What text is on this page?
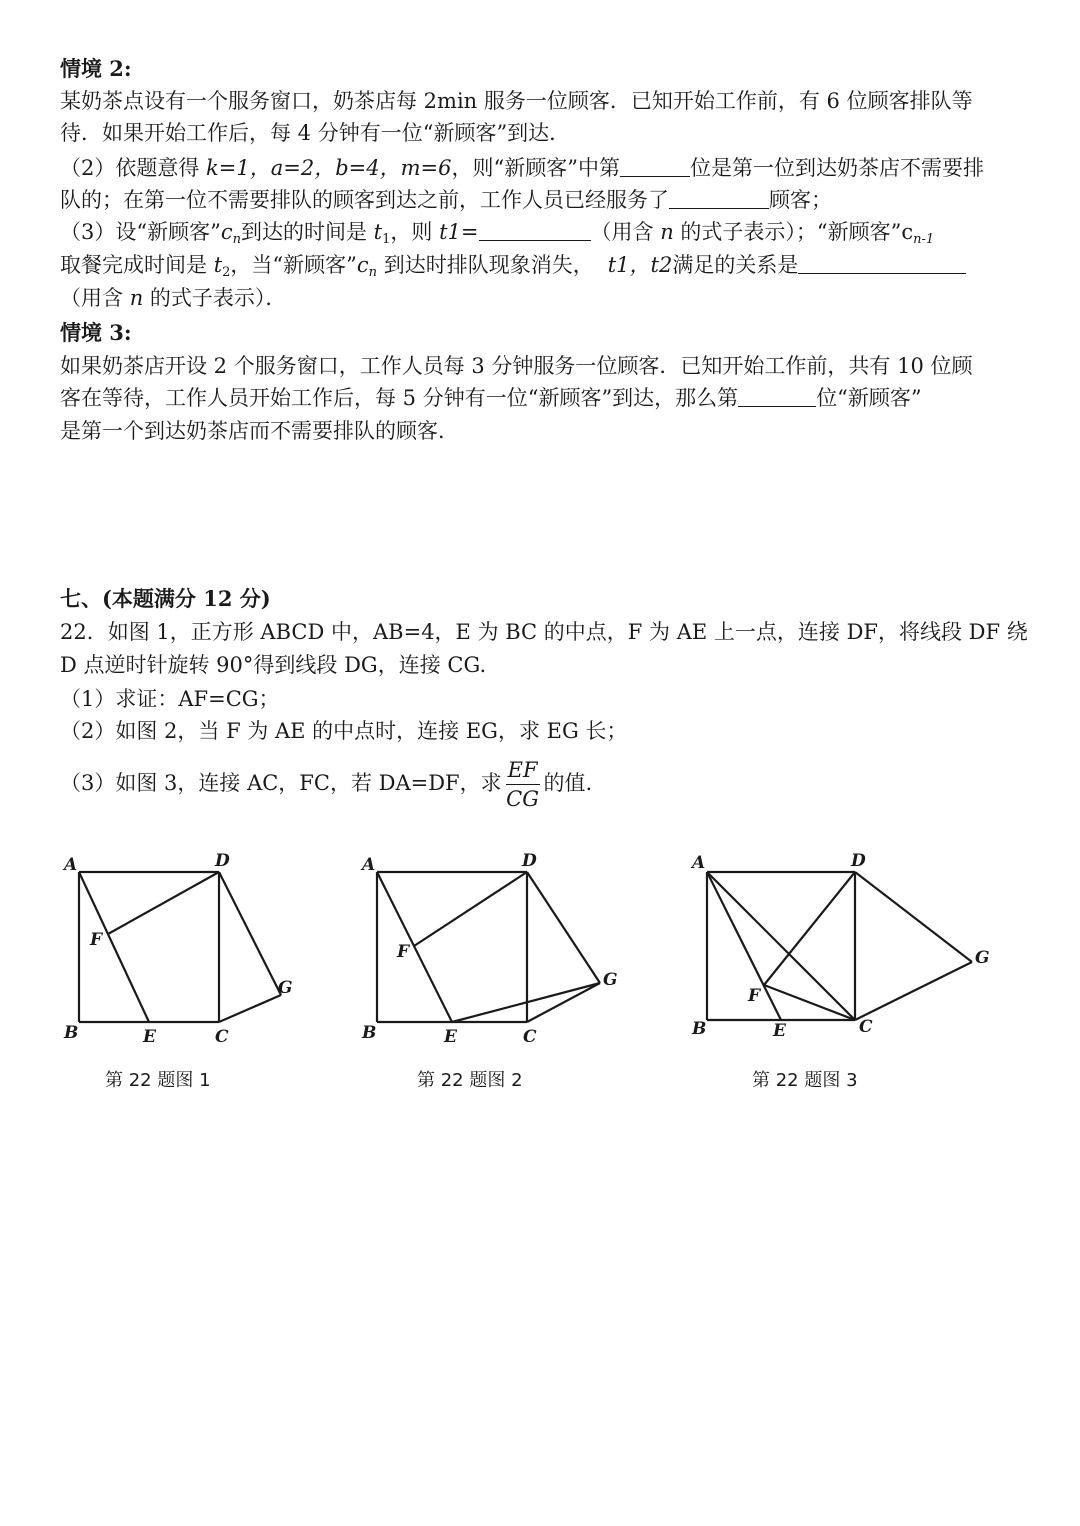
情境 2:
某奶茶点设有一个服务窗口，奶茶店每 2min 服务一位顾客．已知开始工作前，有 6 位顾客排队等
待．如果开始工作后，每 4 分钟有一位“新顾客”到达．
（2）依题意得 k=1，a=2，b=4，m=6，则“新顾客”中第	位是第一位到达奶茶店不需要排
队的；在第一位不需要排队的顾客到达之前，工作人员已经服务了	顾客；
（3）设“新顾客$”c_n$到达的时间是 $t_1$，则 t1=	（用含 n 的式子表示）；“新顾客$”c_{n-1}$
取餐完成时间是 $t_2$，当“新顾客$”c_n$ 到达时排队现象消失， t1，t2满足的关系是
（用含 n 的式子表示）．
情境 3:
如果奶茶店开设 2 个服务窗口，工作人员每 3 分钟服务一位顾客．已知开始工作前，共有 10 位顾
客在等待，工作人员开始工作后，每 5 分钟有一位“新顾客”到达，那么第	位“新顾客”
是第一个到达奶茶店而不需要排队的顾客．
七、(本题满分 12 分)
22．如图 1，正方形 ABCD 中，AB=4，E 为 BC 的中点，F 为 AE 上一点，连接 DF，将线段 DF 绕
D 点逆时针旋转 90°得到线段 DG，连接 CG.
（1）求证：AF=CG；
（2）如图 2，当 F 为 AE 的中点时，连接 EG，求 EG 长；
（3）如图 3，连接 AC，FC，若 DA=DF，求 $\frac{EF}{CG}$ 的值.
A	D
F
G
B	E	C
A	D
F
G
B	E	C
A	D
F
G
B	E	C
第 22 题图 1	第 22 题图 2	第 22 题图 3
